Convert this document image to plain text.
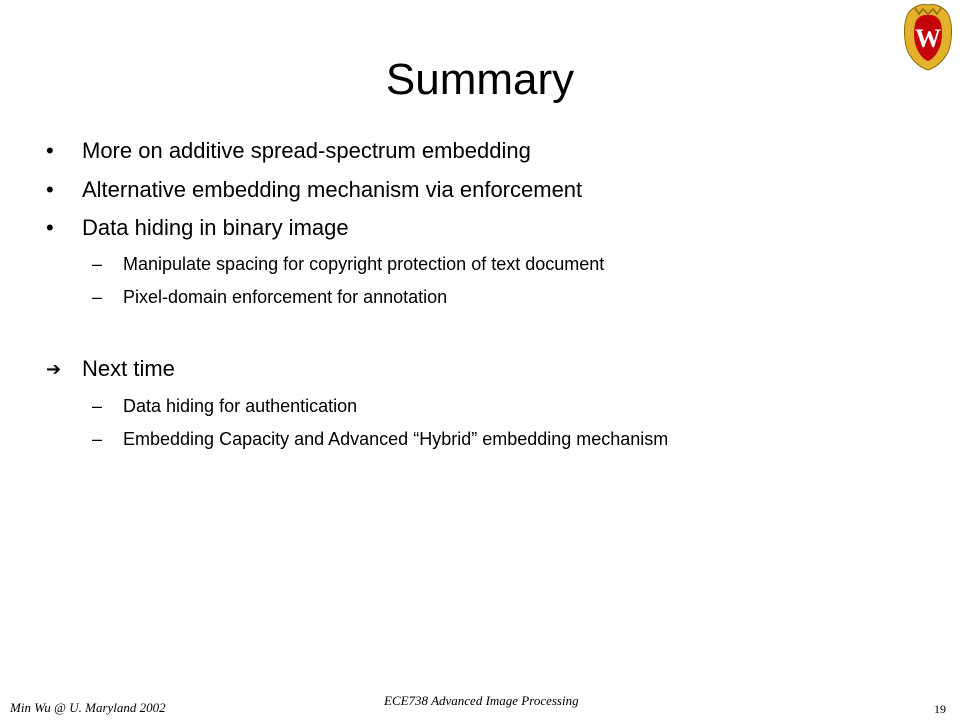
W
Summary
• More on additive spread-spectrum embedding
• Alternative embedding mechanism via enforcement
• Data hiding in binary image
– Manipulate spacing for copyright protection of text document
– Pixel-domain enforcement for annotation
➔ Next time
– Data hiding for authentication
– Embedding Capacity and Advanced “Hybrid” embedding mechanism
Min Wu @ U. Maryland 2002	ECE738 Advanced Image Processing
19
